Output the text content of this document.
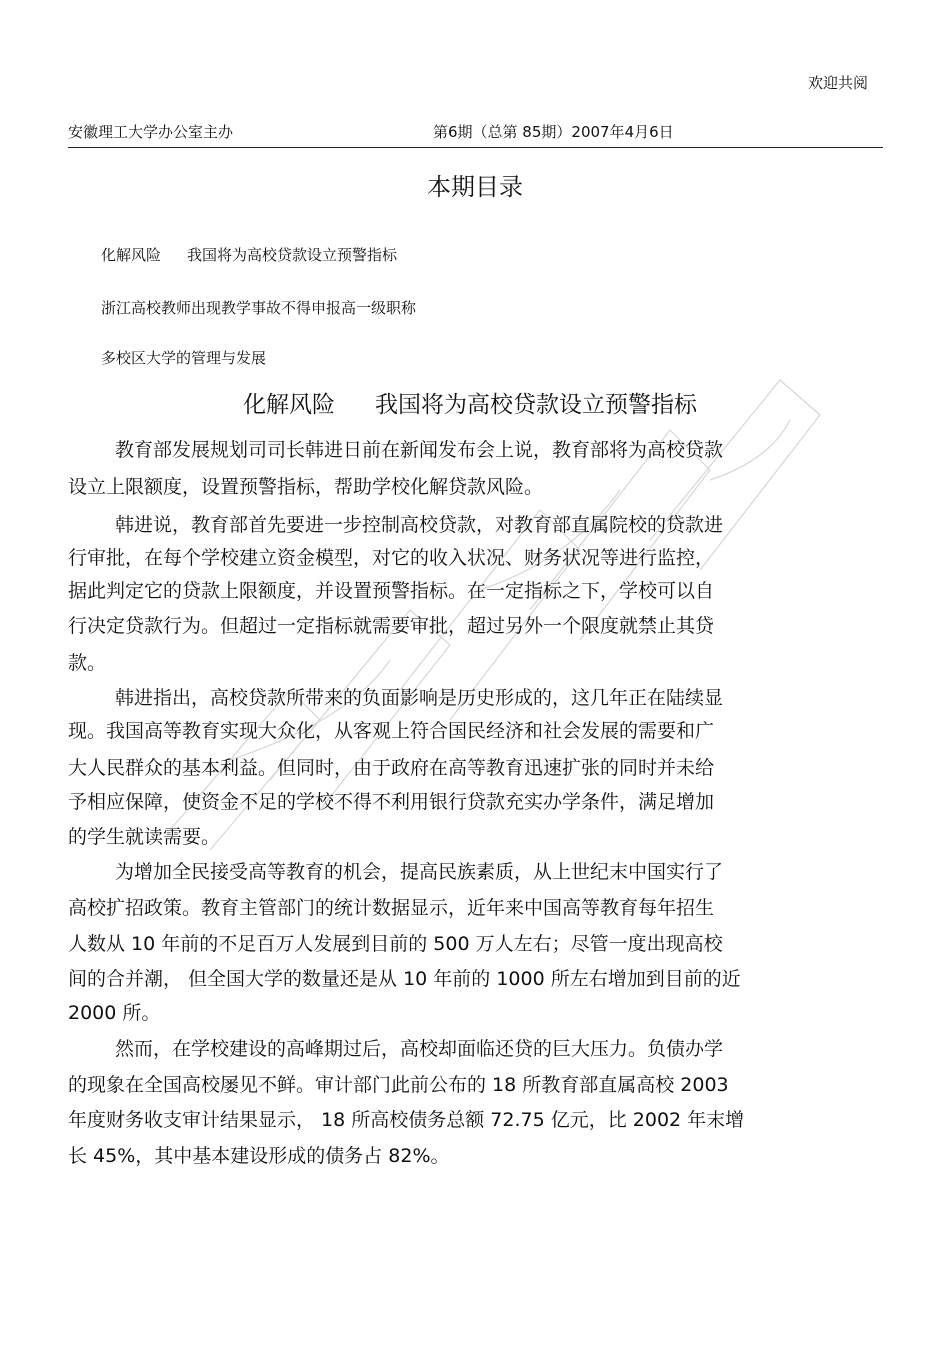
欢迎共阅
安徽理工大学办公室主办	第6期（总第 85期）2007年4月6日
本期目录
化解风险 我国将为高校贷款设立预警指标
浙江高校教师出现教学事故不得申报高一级职称
多校区大学的管理与发展
化解风险 我国将为高校贷款设立预警指标
教育部发展规划司司长韩进日前在新闻发布会上说，教育部将为高校贷款
设立上限额度，设置预警指标，帮助学校化解贷款风险。
韩进说，教育部首先要进一步控制高校贷款，对教育部直属院校的贷款进
行审批，在每个学校建立资金模型，对它的收入状况、财务状况等进行监控，
据此判定它的贷款上限额度，并设置预警指标。在一定指标之下，学校可以自
行决定贷款行为。但超过一定指标就需要审批，超过另外一个限度就禁止其贷
款。
韩进指出，高校贷款所带来的负面影响是历史形成的，这几年正在陆续显
现。我国高等教育实现大众化，从客观上符合国民经济和社会发展的需要和广
大人民群众的基本利益。但同时，由于政府在高等教育迅速扩张的同时并未给
予相应保障，使资金不足的学校不得不利用银行贷款充实办学条件，满足增加
的学生就读需要。
为增加全民接受高等教育的机会，提高民族素质，从上世纪末中国实行了
高校扩招政策。教育主管部门的统计数据显示，近年来中国高等教育每年招生
人数从 10 年前的不足百万人发展到目前的 500 万人左右；尽管一度出现高校
间的合并潮， 但全国大学的数量还是从 10 年前的 1000 所左右增加到目前的近
2000 所。
然而，在学校建设的高峰期过后，高校却面临还贷的巨大压力。负债办学
的现象在全国高校屡见不鲜。审计部门此前公布的 18 所教育部直属高校 2003
年度财务收支审计结果显示， 18 所高校债务总额 72.75 亿元，比 2002 年末增
长 45%，其中基本建设形成的债务占 82%。
